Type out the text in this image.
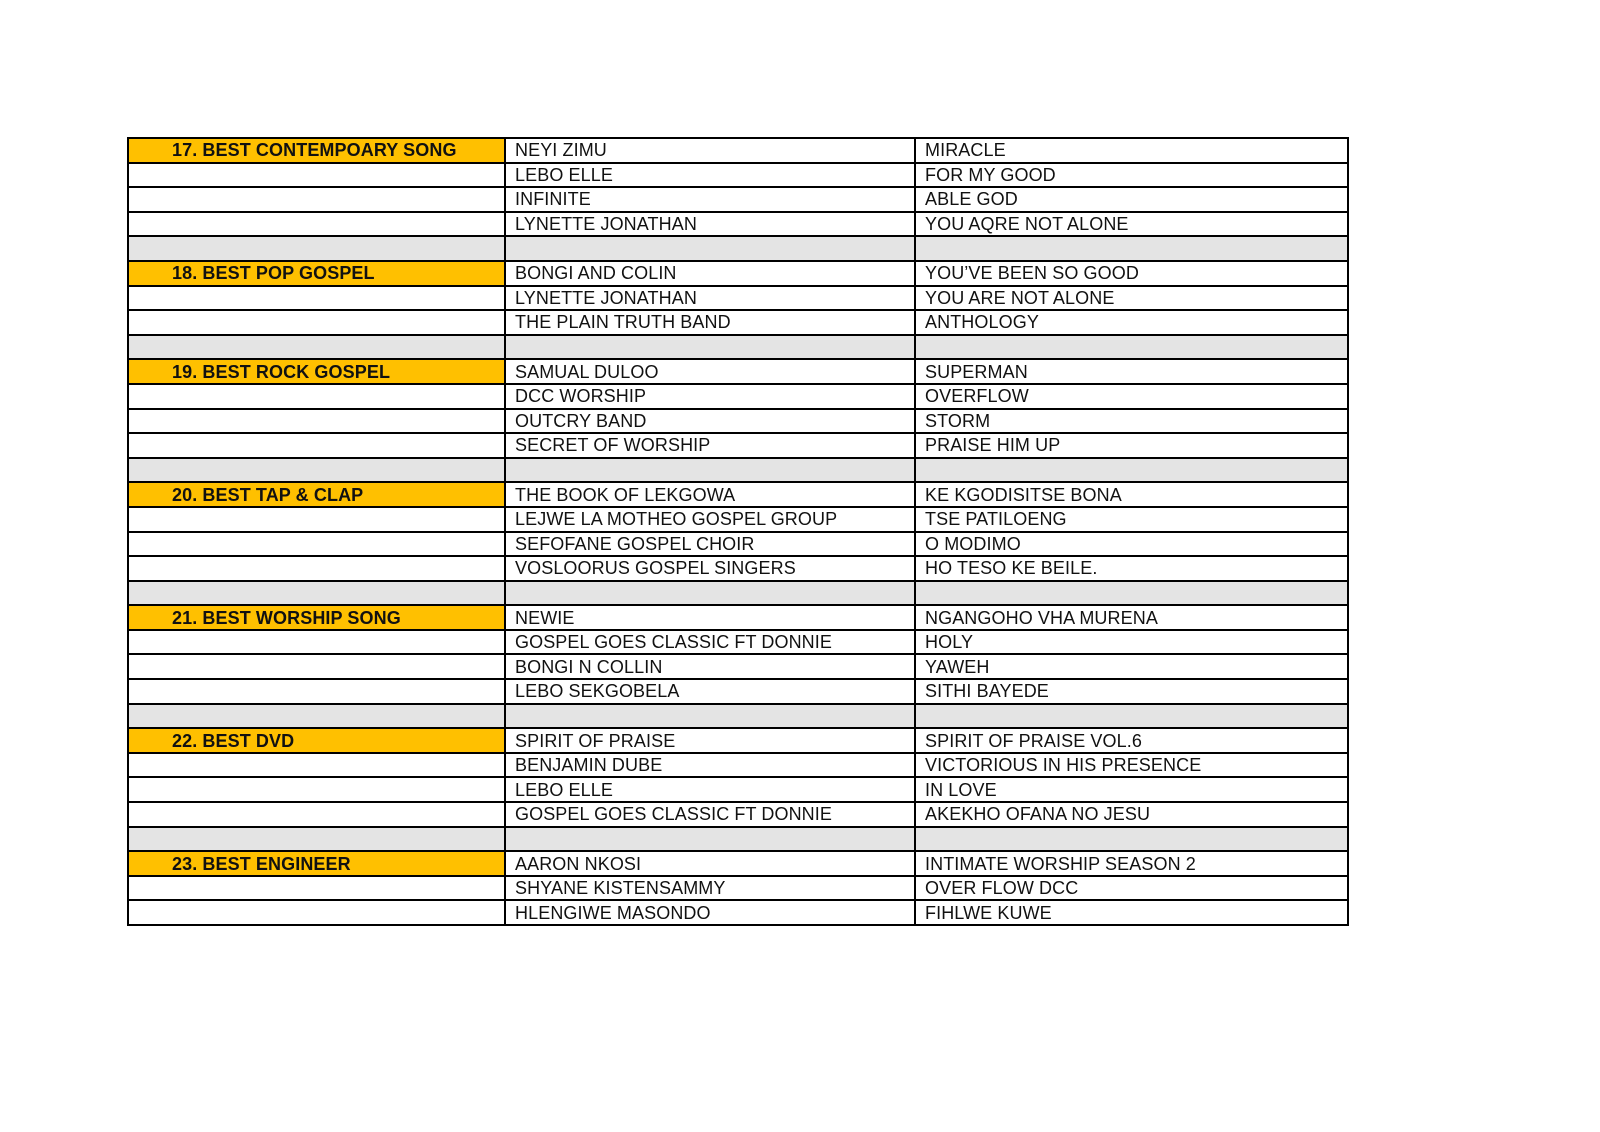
17. BEST CONTEMPOARY SONG	NEYI ZIMU	MIRACLE
	LEBO ELLE	FOR MY GOOD
	INFINITE	ABLE GOD
	LYNETTE JONATHAN	YOU AQRE NOT ALONE

18. BEST POP GOSPEL	BONGI AND COLIN	YOU’VE BEEN SO GOOD
	LYNETTE JONATHAN	YOU ARE NOT ALONE
	THE PLAIN TRUTH BAND	ANTHOLOGY

19. BEST ROCK GOSPEL	SAMUAL DULOO	SUPERMAN
	DCC WORSHIP	OVERFLOW
	OUTCRY BAND	STORM
	SECRET OF WORSHIP	PRAISE HIM UP

20. BEST TAP & CLAP	THE BOOK OF LEKGOWA	KE KGODISITSE BONA
	LEJWE LA MOTHEO GOSPEL GROUP	TSE PATILOENG
	SEFOFANE GOSPEL CHOIR	O MODIMO
	VOSLOORUS GOSPEL SINGERS	HO TESO KE BEILE.

21. BEST WORSHIP SONG	NEWIE	NGANGOHO VHA MURENA
	GOSPEL GOES CLASSIC FT DONNIE	HOLY
	BONGI N COLLIN	YAWEH
	LEBO SEKGOBELA	SITHI BAYEDE

22. BEST DVD	SPIRIT OF PRAISE	SPIRIT OF PRAISE VOL.6
	BENJAMIN DUBE	VICTORIOUS IN HIS PRESENCE
	LEBO ELLE	IN LOVE
	GOSPEL GOES CLASSIC FT DONNIE	AKEKHO OFANA NO JESU

23. BEST ENGINEER	AARON NKOSI	INTIMATE WORSHIP SEASON 2
	SHYANE KISTENSAMMY	OVER FLOW DCC
	HLENGIWE MASONDO	FIHLWE KUWE
